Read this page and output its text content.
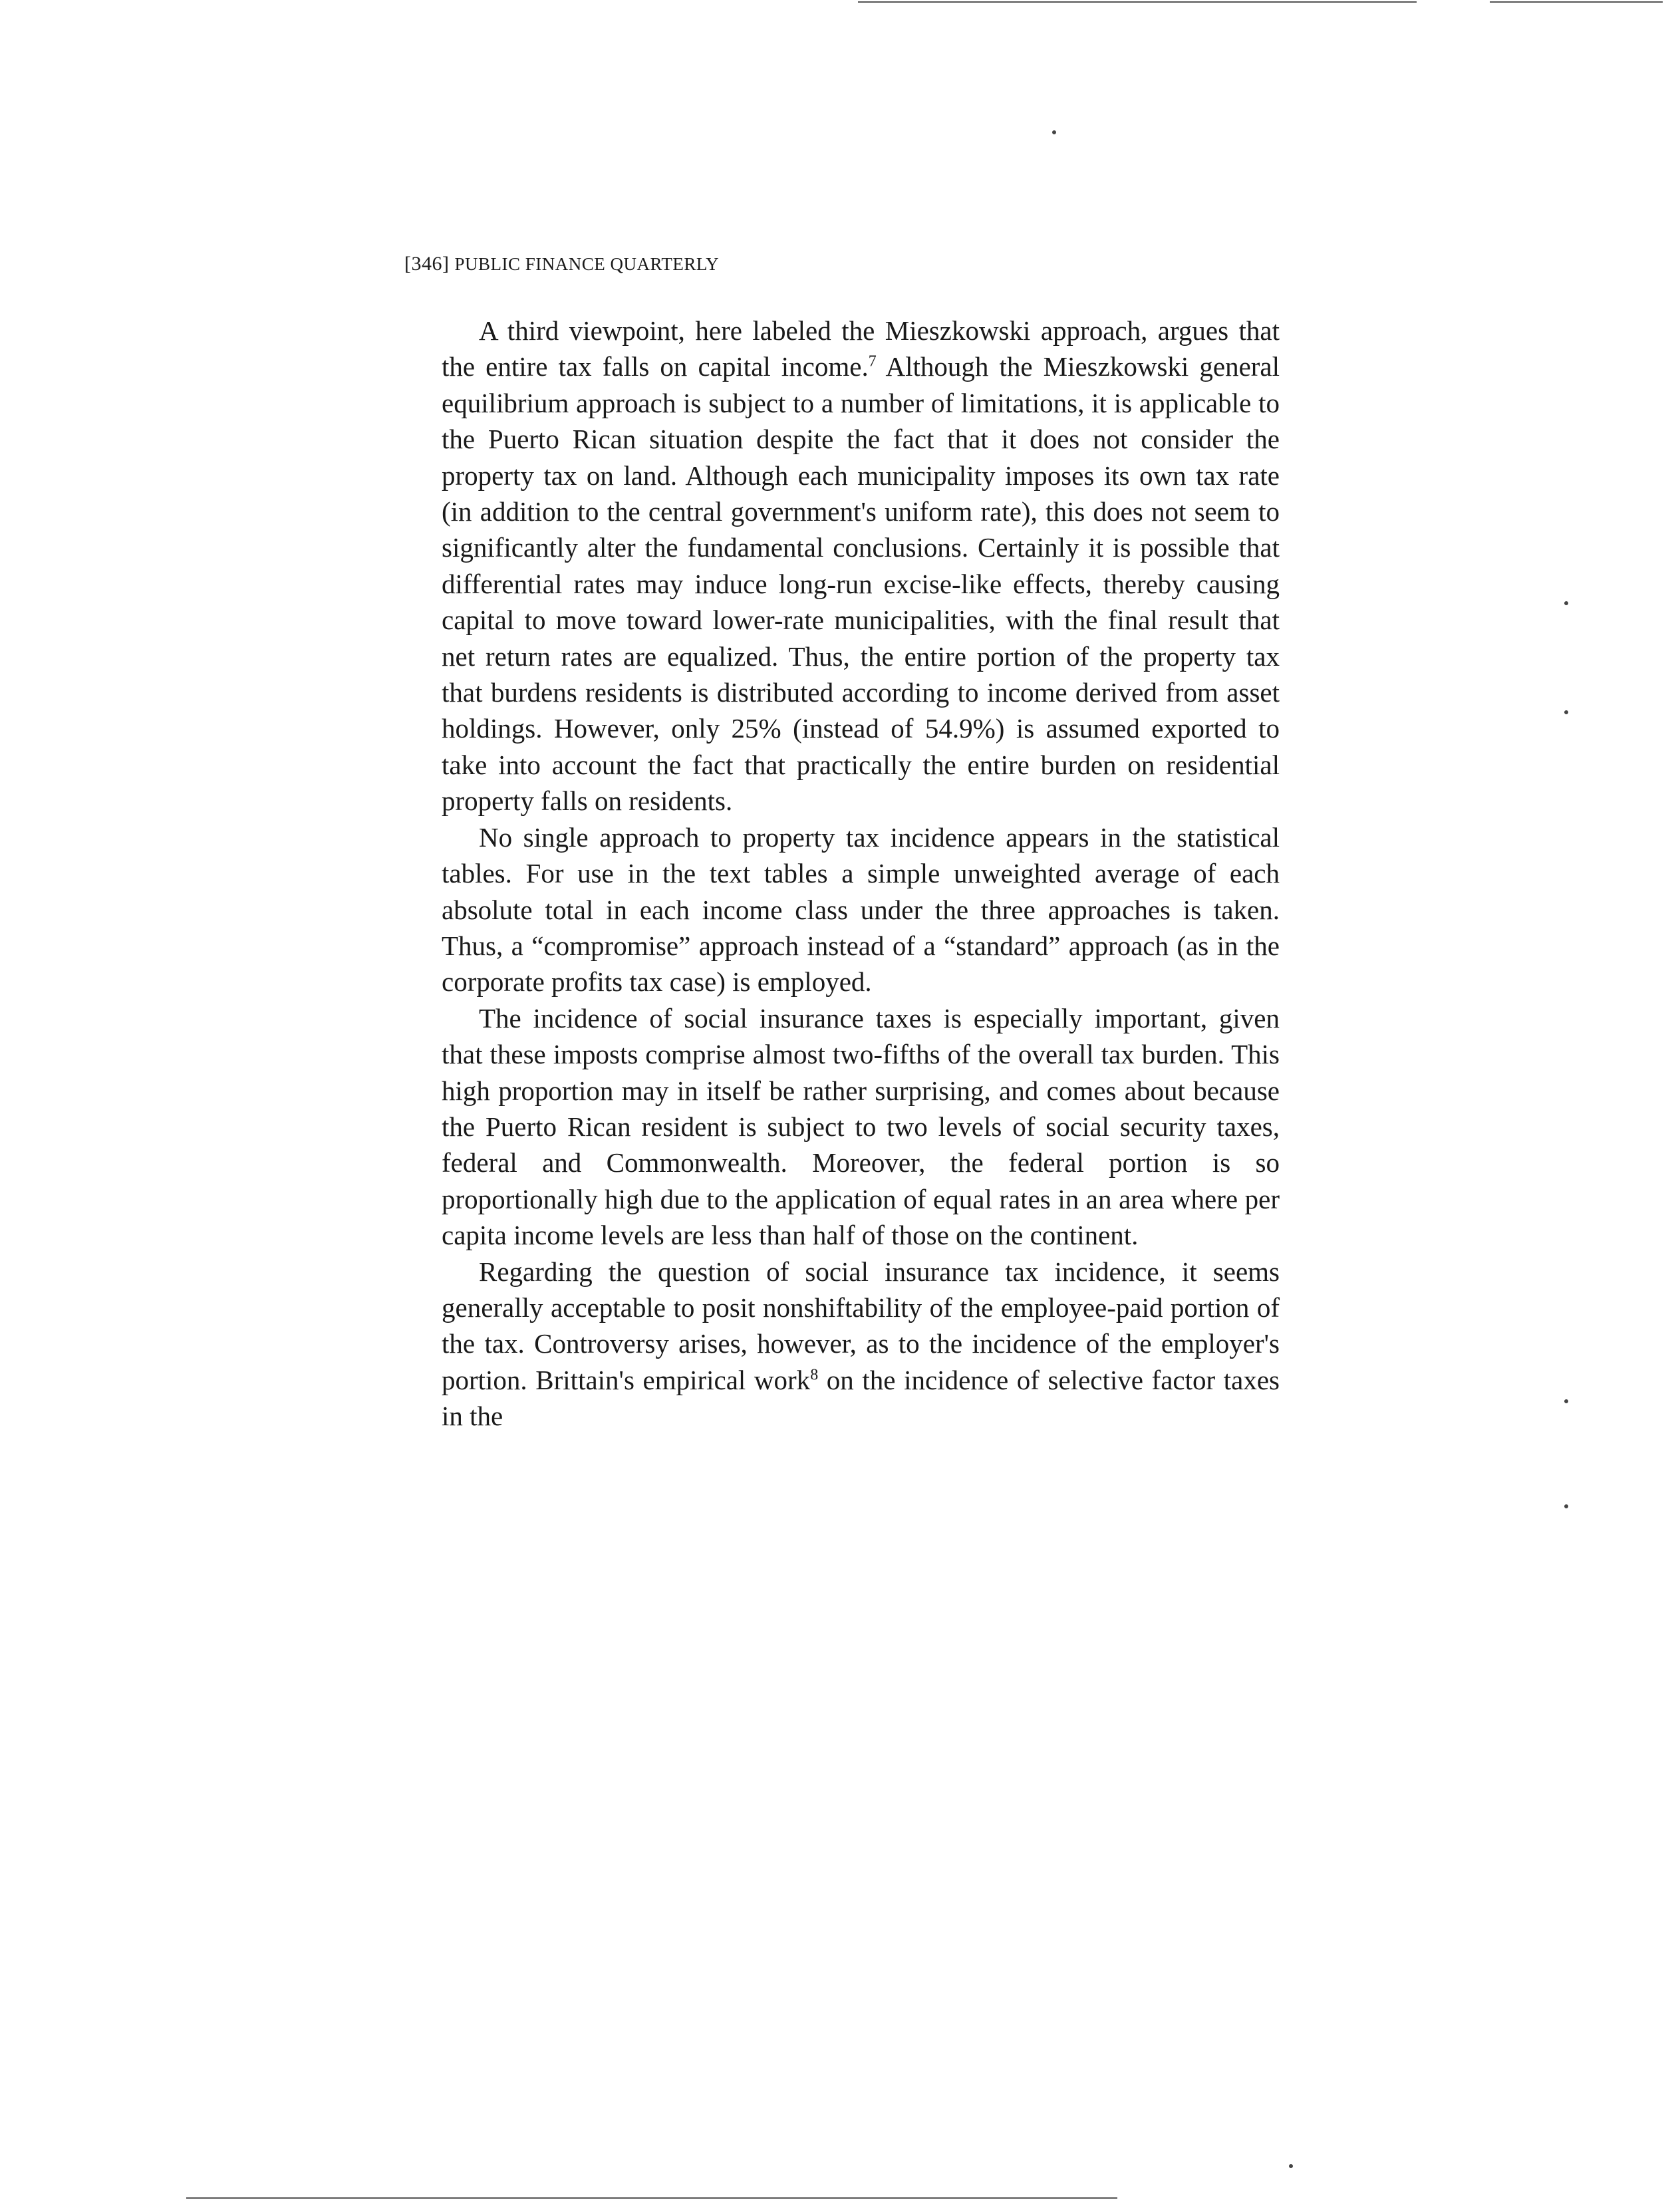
[346] PUBLIC FINANCE QUARTERLY

A third viewpoint, here labeled the Mieszkowski approach, argues that the entire tax falls on capital income.$^7$ Although the Mieszkowski general equilibrium approach is subject to a number of limitations, it is applicable to the Puerto Rican situation despite the fact that it does not consider the property tax on land. Although each municipality imposes its own tax rate (in addition to the central government's uniform rate), this does not seem to significantly alter the fundamental conclusions. Certainly it is possible that differential rates may induce long-run excise-like effects, thereby causing capital to move toward lower-rate municipalities, with the final result that net return rates are equalized. Thus, the entire portion of the property tax that burdens residents is distributed according to income derived from asset holdings. However, only 25% (instead of 54.9%) is assumed exported to take into account the fact that practically the entire burden on residential property falls on residents.

No single approach to property tax incidence appears in the statistical tables. For use in the text tables a simple unweighted average of each absolute total in each income class under the three approaches is taken. Thus, a “compromise” approach instead of a “standard” approach (as in the corporate profits tax case) is employed.

The incidence of social insurance taxes is especially important, given that these imposts comprise almost two-fifths of the overall tax burden. This high proportion may in itself be rather surprising, and comes about because the Puerto Rican resident is subject to two levels of social security taxes, federal and Commonwealth. Moreover, the federal portion is so proportionally high due to the application of equal rates in an area where per capita income levels are less than half of those on the continent.

Regarding the question of social insurance tax incidence, it seems generally acceptable to posit nonshiftability of the employee-paid portion of the tax. Controversy arises, however, as to the incidence of the employer's portion. Brittain's empirical work$^8$ on the incidence of selective factor taxes in the
